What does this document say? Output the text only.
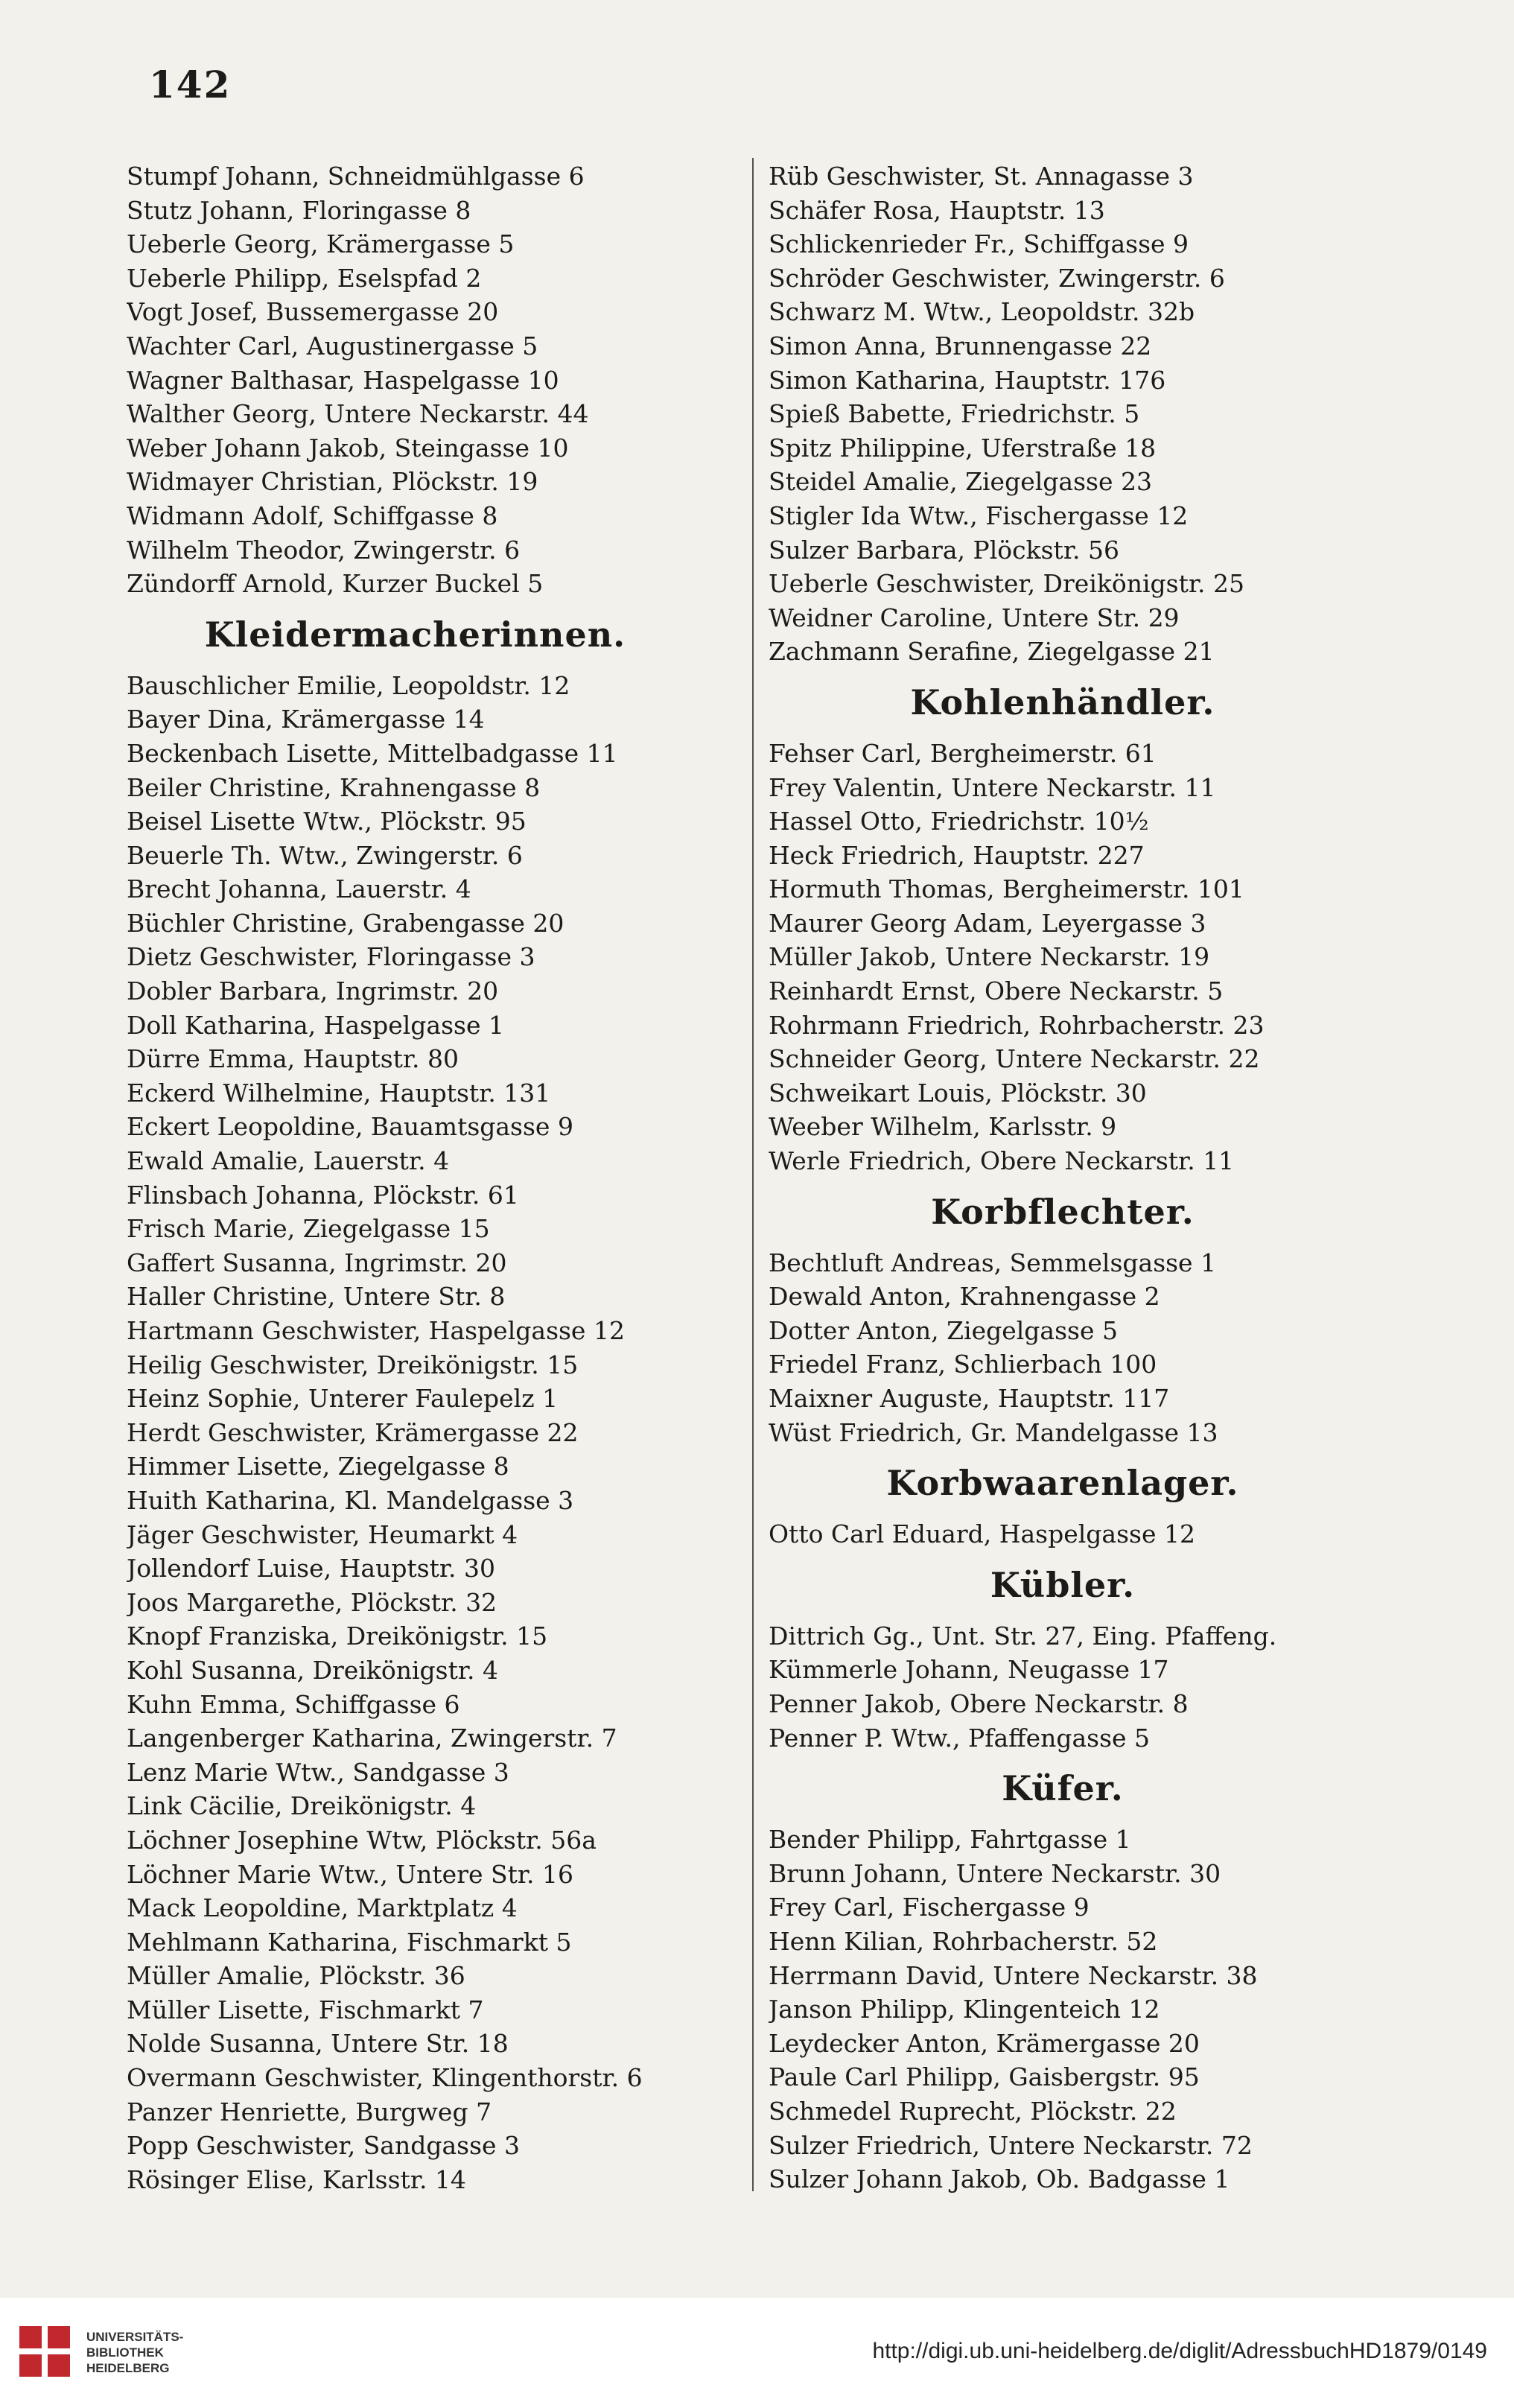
142
Stumpf Johann, Schneidmühlgasse 6
Stutz Johann, Floringasse 8
Ueberle Georg, Krämergasse 5
Ueberle Philipp, Eselspfad 2
Vogt Josef, Bussemergasse 20
Wachter Carl, Augustinergasse 5
Wagner Balthasar, Haspelgasse 10
Walther Georg, Untere Neckarstr. 44
Weber Johann Jakob, Steingasse 10
Widmayer Christian, Plöckstr. 19
Widmann Adolf, Schiffgasse 8
Wilhelm Theodor, Zwingerstr. 6
Zündorff Arnold, Kurzer Buckel 5
Kleidermacherinnen.
Bauschlicher Emilie, Leopoldstr. 12
Bayer Dina, Krämergasse 14
Beckenbach Lisette, Mittelbadgasse 11
Beiler Christine, Krahnengasse 8
Beisel Lisette Wtw., Plöckstr. 95
Beuerle Th. Wtw., Zwingerstr. 6
Brecht Johanna, Lauerstr. 4
Büchler Christine, Grabengasse 20
Dietz Geschwister, Floringasse 3
Dobler Barbara, Ingrimstr. 20
Doll Katharina, Haspelgasse 1
Dürre Emma, Hauptstr. 80
Eckerd Wilhelmine, Hauptstr. 131
Eckert Leopoldine, Bauamtsgasse 9
Ewald Amalie, Lauerstr. 4
Flinsbach Johanna, Plöckstr. 61
Frisch Marie, Ziegelgasse 15
Gaffert Susanna, Ingrimstr. 20
Haller Christine, Untere Str. 8
Hartmann Geschwister, Haspelgasse 12
Heilig Geschwister, Dreikönigstr. 15
Heinz Sophie, Unterer Faulepelz 1
Herdt Geschwister, Krämergasse 22
Himmer Lisette, Ziegelgasse 8
Huith Katharina, Kl. Mandelgasse 3
Jäger Geschwister, Heumarkt 4
Jollendorf Luise, Hauptstr. 30
Joos Margarethe, Plöckstr. 32
Knopf Franziska, Dreikönigstr. 15
Kohl Susanna, Dreikönigstr. 4
Kuhn Emma, Schiffgasse 6
Langenberger Katharina, Zwingerstr. 7
Lenz Marie Wtw., Sandgasse 3
Link Cäcilie, Dreikönigstr. 4
Löchner Josephine Wtw, Plöckstr. 56a
Löchner Marie Wtw., Untere Str. 16
Mack Leopoldine, Marktplatz 4
Mehlmann Katharina, Fischmarkt 5
Müller Amalie, Plöckstr. 36
Müller Lisette, Fischmarkt 7
Nolde Susanna, Untere Str. 18
Overmann Geschwister, Klingenthorstr. 6
Panzer Henriette, Burgweg 7
Popp Geschwister, Sandgasse 3
Rösinger Elise, Karlsstr. 14
Rüb Geschwister, St. Annagasse 3
Schäfer Rosa, Hauptstr. 13
Schlickenrieder Fr., Schiffgasse 9
Schröder Geschwister, Zwingerstr. 6
Schwarz M. Wtw., Leopoldstr. 32b
Simon Anna, Brunnengasse 22
Simon Katharina, Hauptstr. 176
Spieß Babette, Friedrichstr. 5
Spitz Philippine, Uferstraße 18
Steidel Amalie, Ziegelgasse 23
Stigler Ida Wtw., Fischergasse 12
Sulzer Barbara, Plöckstr. 56
Ueberle Geschwister, Dreikönigstr. 25
Weidner Caroline, Untere Str. 29
Zachmann Serafine, Ziegelgasse 21
Kohlenhändler.
Fehser Carl, Bergheimerstr. 61
Frey Valentin, Untere Neckarstr. 11
Hassel Otto, Friedrichstr. 10½
Heck Friedrich, Hauptstr. 227
Hormuth Thomas, Bergheimerstr. 101
Maurer Georg Adam, Leyergasse 3
Müller Jakob, Untere Neckarstr. 19
Reinhardt Ernst, Obere Neckarstr. 5
Rohrmann Friedrich, Rohrbacherstr. 23
Schneider Georg, Untere Neckarstr. 22
Schweikart Louis, Plöckstr. 30
Weeber Wilhelm, Karlsstr. 9
Werle Friedrich, Obere Neckarstr. 11
Korbflechter.
Bechtluft Andreas, Semmelsgasse 1
Dewald Anton, Krahnengasse 2
Dotter Anton, Ziegelgasse 5
Friedel Franz, Schlierbach 100
Maixner Auguste, Hauptstr. 117
Wüst Friedrich, Gr. Mandelgasse 13
Korbwaarenlager.
Otto Carl Eduard, Haspelgasse 12
Kübler.
Dittrich Gg., Unt. Str. 27, Eing. Pfaffeng.
Kümmerle Johann, Neugasse 17
Penner Jakob, Obere Neckarstr. 8
Penner P. Wtw., Pfaffengasse 5
Küfer.
Bender Philipp, Fahrtgasse 1
Brunn Johann, Untere Neckarstr. 30
Frey Carl, Fischergasse 9
Henn Kilian, Rohrbacherstr. 52
Herrmann David, Untere Neckarstr. 38
Janson Philipp, Klingenteich 12
Leydecker Anton, Krämergasse 20
Paule Carl Philipp, Gaisbergstr. 95
Schmedel Ruprecht, Plöckstr. 22
Sulzer Friedrich, Untere Neckarstr. 72
Sulzer Johann Jakob, Ob. Badgasse 1
UNIVERSITÄTS-
BIBLIOTHEK
HEIDELBERG
http://digi.ub.uni-heidelberg.de/diglit/AdressbuchHD1879/0149
